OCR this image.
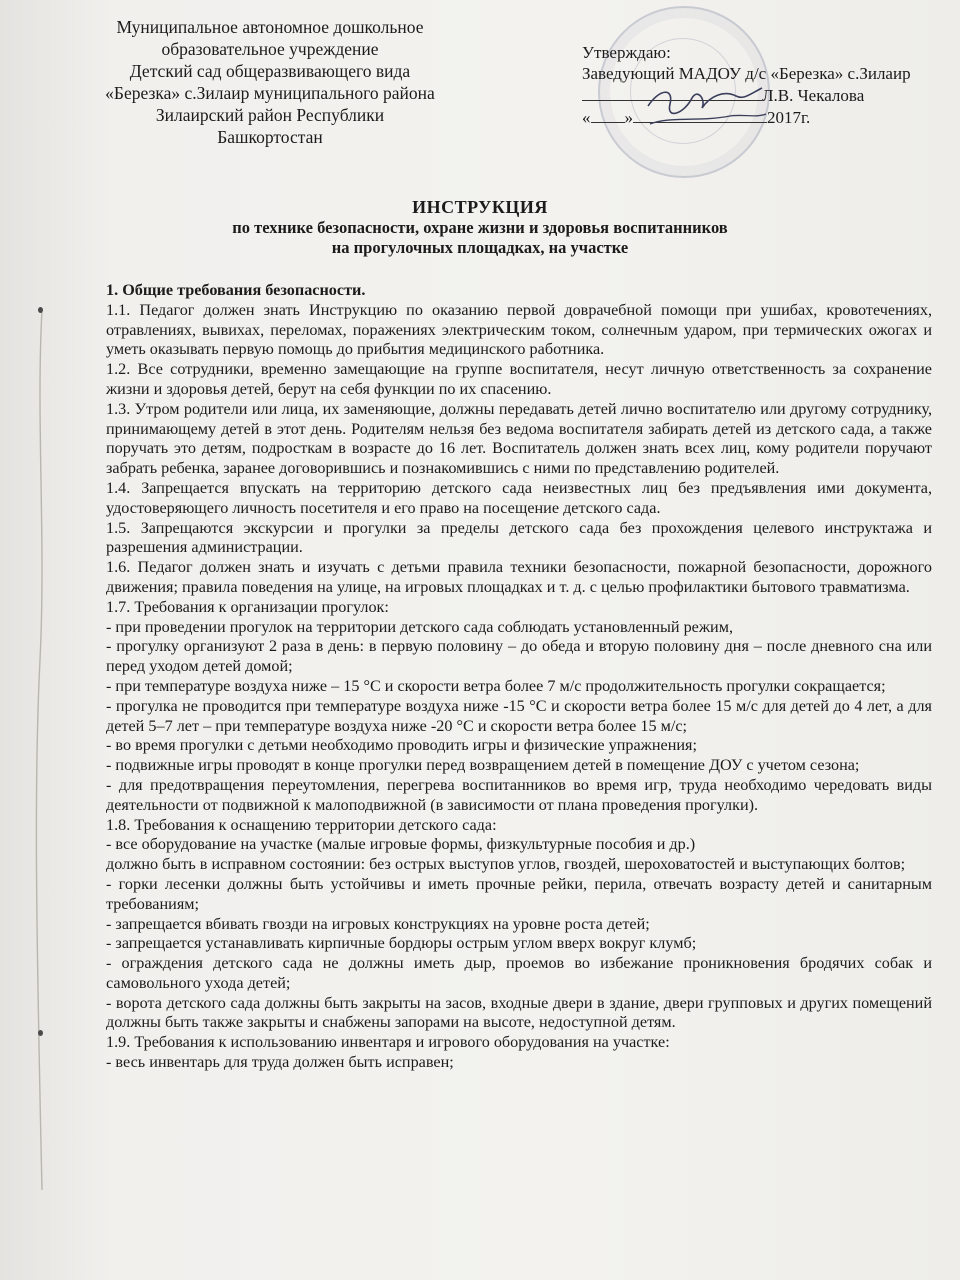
Муниципальное автономное дошкольное
образовательное учреждение
Детский сад общеразвивающего вида
«Березка» с.Зилаир муниципального района
Зилаирский район Республики
Башкортостан
Утверждаю:
Заведующий МАДОУ д/с «Березка» с.Зилаир
Л.В. Чекалова
« »	2017г.
ИНСТРУКЦИЯ
по технике безопасности, охране жизни и здоровья воспитанников
на прогулочных площадках, на участке

1. Общие требования безопасности.

1.1. Педагог должен знать Инструкцию по оказанию первой доврачебной помощи при ушибах, кровотечениях, отравлениях, вывихах, переломах, поражениях электрическим током, солнечным ударом, при термических ожогах и уметь оказывать первую помощь до прибытия медицинского работника.

1.2. Все сотрудники, временно замещающие на группе воспитателя, несут личную ответственность за сохранение жизни и здоровья детей, берут на себя функции по их спасению.

1.3. Утром родители или лица, их заменяющие, должны передавать детей лично воспитателю или другому сотруднику, принимающему детей в этот день. Родителям нельзя без ведома воспитателя забирать детей из детского сада, а также поручать это детям, подросткам в возрасте до 16 лет. Воспитатель должен знать всех лиц, кому родители поручают забрать ребенка, заранее договорившись и познакомившись с ними по представлению родителей.

1.4. Запрещается впускать на территорию детского сада неизвестных лиц без предъявления ими документа, удостоверяющего личность посетителя и его право на посещение детского сада.

1.5. Запрещаются экскурсии и прогулки за пределы детского сада без прохождения целевого инструктажа и разрешения администрации.

1.6. Педагог должен знать и изучать с детьми правила техники безопасности, пожарной безопасности, дорожного движения; правила поведения на улице, на игровых площадках и т. д. с целью профилактики бытового травматизма.

1.7. Требования к организации прогулок:

- при проведении прогулок на территории детского сада соблюдать установленный режим,

- прогулку организуют 2 раза в день: в первую половину – до обеда и вторую половину дня – после дневного сна или перед уходом детей домой;

- при температуре воздуха ниже – 15 °С и скорости ветра более 7 м/с продолжительность прогулки сокращается;

- прогулка не проводится при температуре воздуха ниже -15 °С и скорости ветра более 15 м/с для детей до 4 лет, а для детей 5–7 лет – при температуре воздуха ниже -20 °С и скорости ветра более 15 м/с;

- во время прогулки с детьми необходимо проводить игры и физические упражнения;

- подвижные игры проводят в конце прогулки перед возвращением детей в помещение ДОУ с учетом сезона;

- для предотвращения переутомления, перегрева воспитанников во время игр, труда необходимо чередовать виды деятельности от подвижной к малоподвижной (в зависимости от плана проведения прогулки).

1.8. Требования к оснащению территории детского сада:

- все оборудование на участке (малые игровые формы, физкультурные пособия и др.)

должно быть в исправном состоянии: без острых выступов углов, гвоздей, шероховатостей и выступающих болтов;

- горки лесенки должны быть устойчивы и иметь прочные рейки, перила, отвечать возрасту детей и санитарным требованиям;

- запрещается вбивать гвозди на игровых конструкциях на уровне роста детей;

- запрещается устанавливать кирпичные бордюры острым углом вверх вокруг клумб;

- ограждения детского сада не должны иметь дыр, проемов во избежание проникновения бродячих собак и самовольного ухода детей;

- ворота детского сада должны быть закрыты на засов, входные двери в здание, двери групповых и других помещений должны быть также закрыты и снабжены запорами на высоте, недоступной детям.

1.9. Требования к использованию инвентаря и игрового оборудования на участке:

- весь инвентарь для труда должен быть исправен;
